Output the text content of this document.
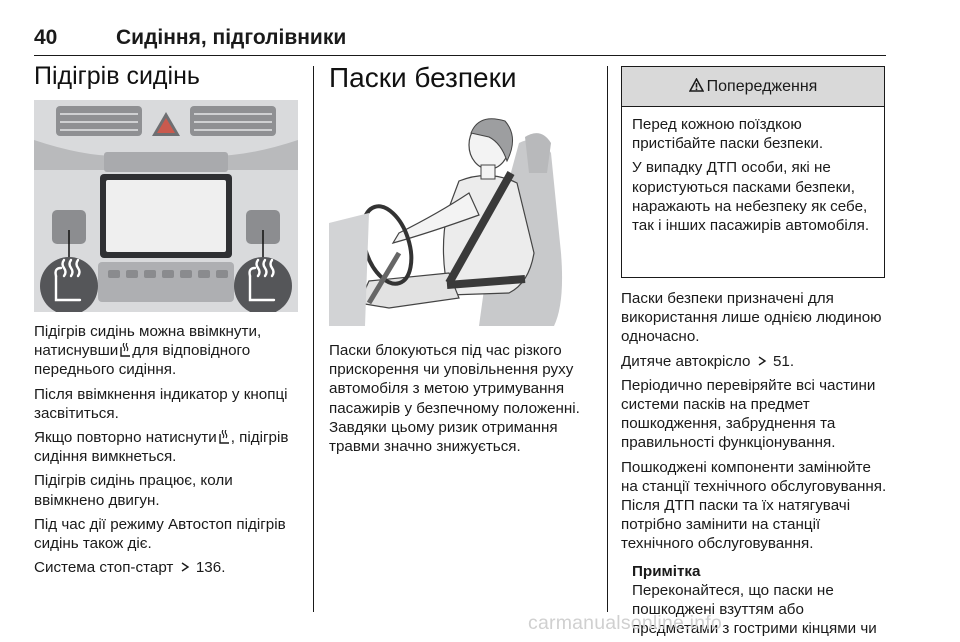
40	Сидіння, підголівники
Підігрів сидінь

Підігрів сидінь можна ввімкнути, натиснувши для відповідного переднього сидіння.

Після ввімкнення індикатор у кнопці засвітиться.

Якщо повторно натиснути , підігрів сидіння вимкнеться.

Підігрів сидінь працює, коли ввімкнено двигун.

Під час дії режиму Автостоп підігрів сидінь також діє.

Система стоп-старт 136.

Паски безпеки

Паски блокуються під час різкого прискорення чи уповільнення руху автомобіля з метою утримування пасажирів у безпечному положенні. Завдяки цьому ризик отримання травми значно знижується.

Попередження

Перед кожною поїздкою пристібайте паски безпеки.

У випадку ДТП особи, які не користуються пасками безпеки, наражають на небезпеку як себе, так і інших пасажирів автомобіля.

Паски безпеки призначені для використання лише однією людиною одночасно.

Дитяче автокрісло 51.

Періодично перевіряйте всі частини системи пасків на предмет пошкодження, забруднення та правильності функціонування.

Пошкоджені компоненти замінюйте на станції технічного обслуговування. Після ДТП паски та їх натягувачі потрібно замінити на станції технічного обслуговування.

Примітка
Переконайтеся, що паски не пошкоджені взуттям або предметами з гострими кінцями чи
carmanualsonline.info
